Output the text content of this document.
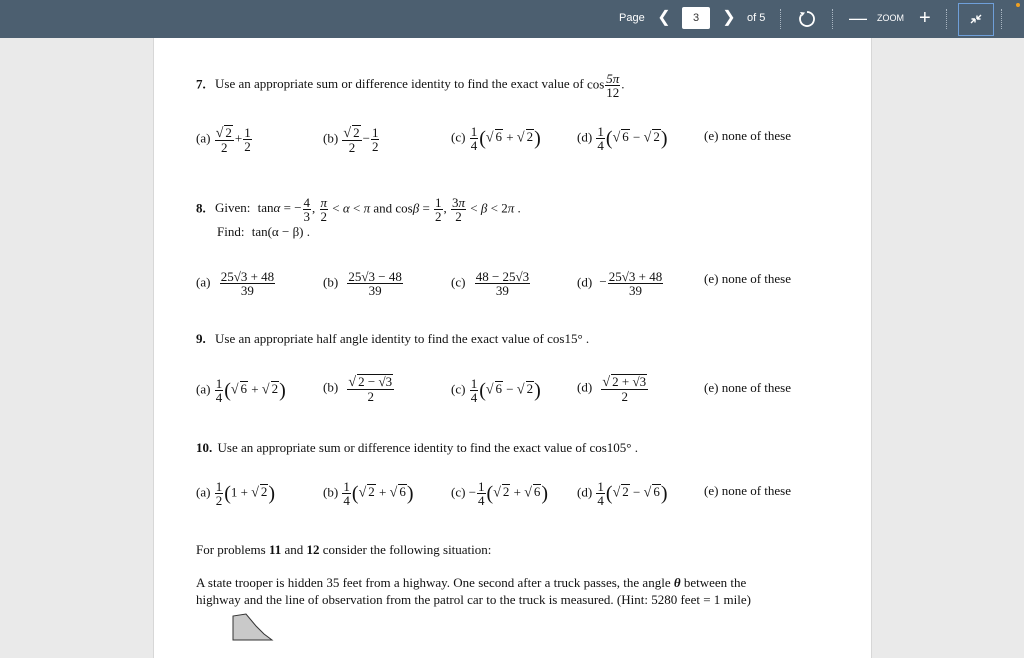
Page ❮	3	❯ of 5	— ZOOM +
7. Use an appropriate sum or difference identity to find the exact value of $\cos \frac{5\pi}{12}$ .
$(a) \frac{√ 2}{2} + \frac{1}{2}$	$(b) \frac{√ 2}{2} - \frac{1}{2}$	$(c) \frac{1}{4}$ (√ 6 + √ 2)	$(d) \frac{1}{4}$ (√ 6 − √ 2)	(e) none of these
8. Given: tanα = − $\frac{4}{3}$ , $\frac{\pi}{2} < \alpha < \pi$ and $\cos\beta = \frac{1}{2}$ , $\frac{3\pi}{2} < \beta < 2\pi$ .
Find: tan(α − β) .
$(a) \frac{25√3 + 48}{39}$	$(b) \frac{25√3 - 48}{39}$	$(c) \frac{48 - 25√3}{39}$	$(d) - \frac{25√3 + 48}{39}$	(e) none of these
9. Use an appropriate half angle identity to find the exact value of cos15° .
$(a) \frac{1}{4}$ (√ 6 + √ 2)	$(b) \frac{√ 2 - √3}{2}$	$(c) \frac{1}{4}$ (√ 6 − √ 2)	$(d) \frac{√ 2 + √3}{2}$	(e) none of these
10. Use an appropriate sum or difference identity to find the exact value of cos105° .
$(a) \frac{1}{2} (1$ + √ 2)	$(b) \frac{1}{4}$ (√ 2 + √ 6)	$(c) - \frac{1}{4}$ (√ 2 + √ 6) $(d) \frac{1}{4}$ (√ 2 − √ 6)	(e) none of these
For problems 11 and 12 consider the following situation:
A state trooper is hidden 35 feet from a highway. One second after a truck passes, the angle θ between the
highway and the line of observation from the patrol car to the truck is measured. (Hint: 5280 feet = 1 mile)
